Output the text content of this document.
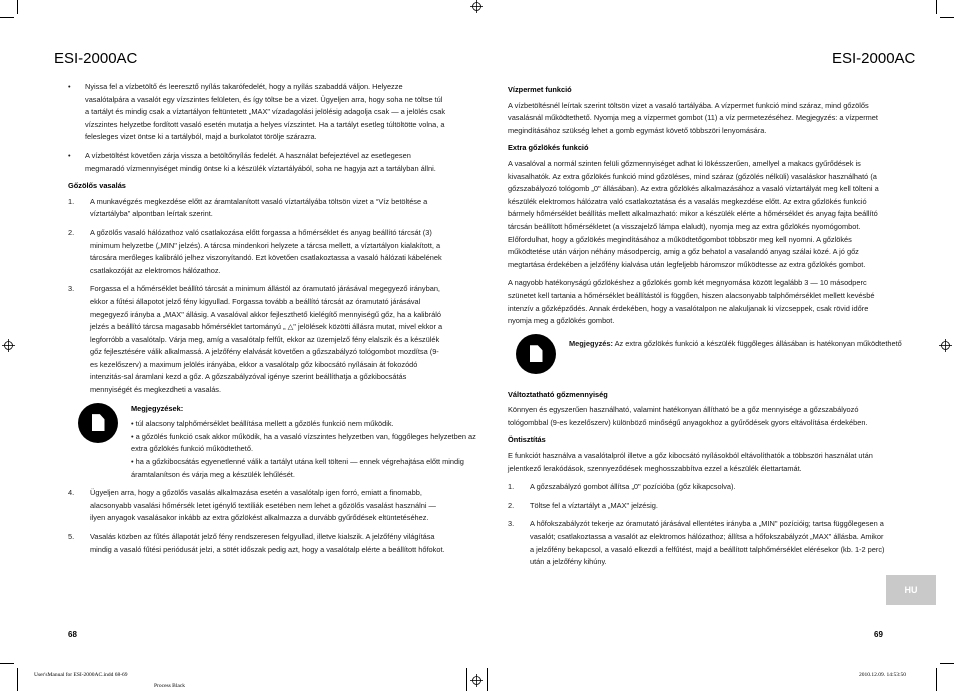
ESI-2000AC	ESI-2000AC
• Nyissa fel a vízbetöltő és leeresztő nyílás takarófedelét, hogy a nyílás szabaddá váljon. Helyezze vasalótalpára a vasalót egy vízszintes felületen, és így töltse be a vizet. Ügyeljen arra, hogy soha ne töltse túl a tartályt és mindig csak a víztartályon feltüntetett „MAX" vízadagolási jelölésig adagolja csak — a jelölés csak vízszintes helyzetbe fordított vasaló esetén mutatja a helyes vízszintet. Ha a tartályt esetleg túltöltötte volna, a felesleges vizet öntse ki a tartályból, majd a burkolatot törölje szárazra.

• A vízbetöltést követően zárja vissza a betöltőnyílás fedelét. A használat befejeztével az esetlegesen megmaradó vízmennyiséget mindig öntse ki a készülék víztartályából, soha ne hagyja azt a tartályban állni.

Gőzölős vasalás

1. A munkavégzés megkezdése előtt az áramtalanított vasaló víztartályába töltsön vizet a “Víz betöltése a víztartályba” alpontban leírtak szerint.

2. A gőzölős vasaló hálózathoz való csatlakozása előtt forgassa a hőmérséklet és anyag beállító tárcsát (3) minimum helyzetbe („MIN" jelzés). A tárcsa mindenkori helyzete a tárcsa mellett, a víztartályon kialakított, a tárcsára merőleges kalibráló jelhez viszonyítandó. Ezt követően csatlakoztassa a vasaló hálózati kábelének csatlakozóját az elektromos hálózathoz.

3. Forgassa el a hőmérséklet beállító tárcsát a minimum állástól az óramutató járásával megegyező irányban, ekkor a fűtési állapotot jelző fény kigyullad. Forgassa tovább a beállító tárcsát az óramutató járásával megegyező irányba a „MAX" állásig. A vasalóval akkor fejleszthető kielégítő mennyiségű gőz, ha a kalibráló jelzés a beállító tárcsa magasabb hőmérséklet tartományú „ △" jelölések közötti állásra mutat, mivel ekkor a legforróbb a vasalótalp. Várja meg, amíg a vasalótalp felfűt, ekkor az üzemjelző fény elalszik és a készülék gőz fejlesztésére válik alkalmassá. A jelzőfény elalvását követően a gőzszabályzó tológombot mozdítsa (9-es kezelőszerv) a maximum jelölés irányába, ekkor a vasalótalp gőz kibocsátó nyílásain át fokozódó intenzitás-sal áramlani kezd a gőz. A gőzszabályzóval igénye szerint beállíthatja a gőzkibocsátás mennyiségét és megkezdheti a vasalás.

Megjegyzések:

• túl alacsony talphőmérséklet beállítása mellett a gőzölés funkció nem működik.

• a gőzölés funkció csak akkor működik, ha a vasaló vízszintes helyzetben van, függőleges helyzetben az extra gőzlökés funkció működtethető.

• ha a gőzkibocsátás egyenetlenné válik a tartályt utána kell tölteni — ennek végrehajtása előtt mindig áramtalanítson és várja meg a készülék lehűlését.

4. Ügyeljen arra, hogy a gőzölős vasalás alkalmazása esetén a vasalótalp igen forró, emiatt a finomabb, alacsonyabb vasalási hőmérsék letet igénylő textíliák esetében nem lehet a gőzölős vasalást használni — ilyen anyagok vasalásakor inkább az extra gőzlökést alkalmazza a durvább gyűrődések eltüntetéséhez.

5. Vasalás közben az fűtés állapotát jelző fény rendszeresen felgyullad, illetve kialszik. A jelzőfény világítása mindig a vasaló fűtési periódusát jelzi, a sötét időszak pedig azt, hogy a vasalótalp elérte a beállított hőfokot.

Vízpermet funkció

A vízbetöltésnél leírtak szerint töltsön vizet a vasaló tartályába. A vízpermet funkció mind száraz, mind gőzölős vasalásnál működtethető. Nyomja meg a vízpermet gombot (11) a víz permetezéséhez. Megjegyzés: a vízpermet megindításához szükség lehet a gomb egymást követő többszöri lenyomására.

Extra gőzlökés funkció

A vasalóval a normál szinten felüli gőzmennyiséget adhat ki lökésszerűen, amellyel a makacs gyűrődések is kivasalhatók. Az extra gőzlökés funkció mind gőzöléses, mind száraz (gőzölés nélküli) vasaláskor használható (a gőzszabályozó tológomb „0" állásában). Az extra gőzlökés alkalmazásához a vasaló víztartályát meg kell tölteni a készülék elektromos hálózatra való csatlakoztatása és a vasalás megkezdése előtt. Az extra gőzlökés funkció bármely hőmérséklet beállítás mellett alkalmazható: mikor a készülék elérte a hőmérséklet és anyag fajta beállító tárcsán beállított hőmérsékletet (a visszajelző lámpa elaludt), nyomja meg az extra gőzlökés nyomógombot. Előfordulhat, hogy a gőzlökés megindításához a működtetőgombot többször meg kell nyomni. A gőzlökés működtetése után várjon néhány másodpercig, amig a gőz behatol a vasalandó anyag szálai közé. A jó gőz megtartása érdekében a jelzőfény kialvása után legfeljebb háromszor működtesse az extra gőzlökés gombot.

A nagyobb hatékonyságú gőzlökéshez a gőzlökés gomb két megnyomása között legalább 3 — 10 másodperc szünetet kell tartania a hőmérséklet beállítástól is függően, hiszen alacsonyabb talphőmérséklet mellett kevésbé intenzív a gőzképződés. Annak érdekében, hogy a vasalótalpon ne alakuljanak ki vízcseppek, csak rövid időre nyomja meg a gőzlökés gombot.

Megjegyzés: Az extra gőzlökés funkció a készülék függőleges állásában is hatékonyan működtethető

Változtatható gőzmennyiség

Könnyen és egyszerűen használható, valamint hatékonyan állítható be a gőz mennyisége a gőzszabályozó tológombbal (9-es kezelőszerv) különböző minőségű anyagokhoz a gyűrődések gyors eltávolítása érdekében.

Öntisztítás

E funkciót használva a vasalótalpról illetve a gőz kibocsátó nyílásokból eltávolíthatók a többszöri használat után jelentkező lerakódások, szennyeződések meghosszabbítva ezzel a készülék élettartamát.

1. A gőzszabályzó gombot állítsa „0" pozícióba (gőz kikapcsolva).

2. Töltse fel a víztartályt a „MAX" jelzésig.

3. A hőfokszabályzót tekerje az óramutató járásával ellentétes irányba a „MIN" pozícióig; tartsa függőlegesen a vasalót; csatlakoztassa a vasalót az elektromos hálózathoz; állítsa a hőfokszabályzót „MAX" állásba. Amikor a jelzőfény bekapcsol, a vasaló elkezdi a felfűtést, majd a beállított talphőmérséklet elérésekor (kb. 1-2 perc) után a jelzőfény kihúny.

HU
68	69
User'sManual for ESI-2000AC.indd 68-69
Process Black
2010.12.09. 14:53:50
